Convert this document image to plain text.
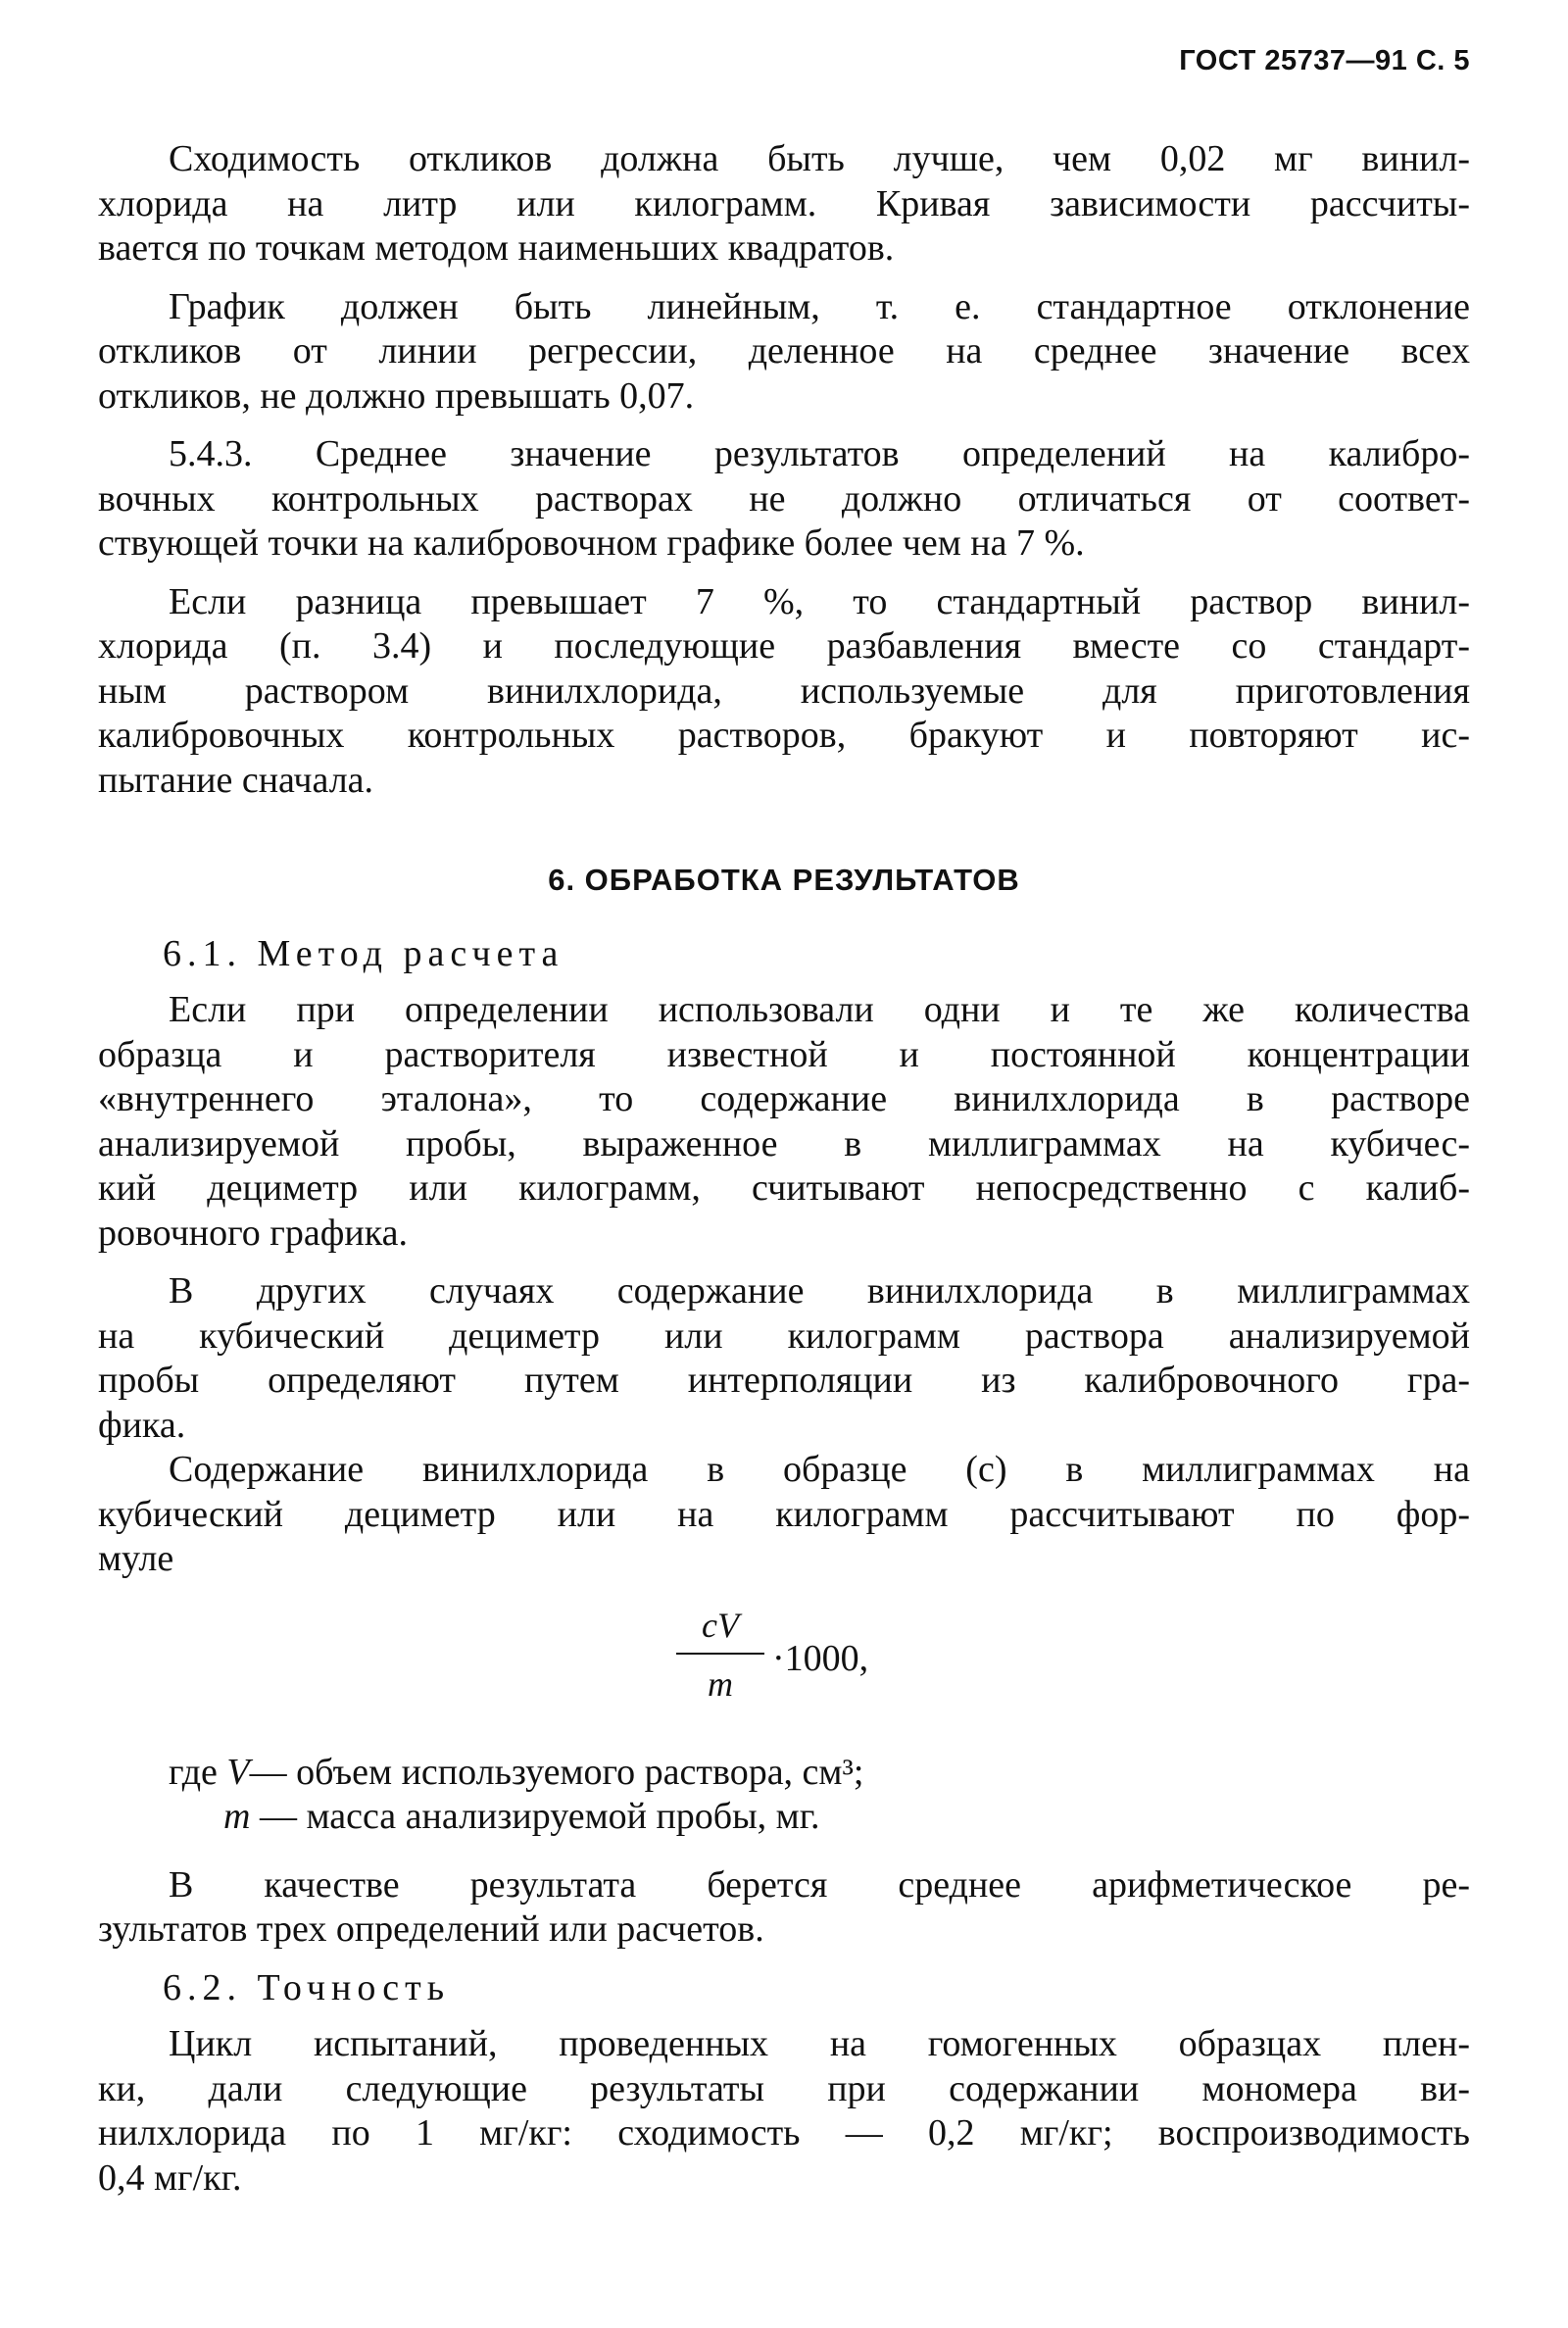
ГОСТ 25737—91 С. 5
Сходимость откликов должна быть лучше, чем 0,02 мг винил-
хлорида на литр или килограмм. Кривая зависимости рассчиты-
вается по точкам методом наименьших квадратов.
График должен быть линейным, т. е. стандартное отклонение
откликов от линии регрессии, деленное на среднее значение всех
откликов, не должно превышать 0,07.
5.4.3. Среднее значение результатов определений на калибро-
вочных контрольных растворах не должно отличаться от соответ-
ствующей точки на калибровочном графике более чем на 7 %.
Если разница превышает 7 %, то стандартный раствор винил-
хлорида (п. 3.4) и последующие разбавления вместе со стандарт-
ным раствором винилхлорида, используемые для приготовления
калибровочных контрольных растворов, бракуют и повторяют ис-
пытание сначала.
6. ОБРАБОТКА РЕЗУЛЬТАТОВ
6.1. Метод расчета
Если при определении использовали одни и те же количества
образца и растворителя известной и постоянной концентрации
«внутреннего эталона», то содержание винилхлорида в растворе
анализируемой пробы, выраженное в миллиграммах на кубичес-
кий дециметр или килограмм, считывают непосредственно с калиб-
ровочного графика.
В других случаях содержание винилхлорида в миллиграммах
на кубический дециметр или килограмм раствора анализируемой
пробы определяют путем интерполяции из калибровочного гра-
фика.
Содержание винилхлорида в образце (c) в миллиграммах на
кубический дециметр или на килограмм рассчитывают по фор-
муле
cV
m
·1000,
где V— объем используемого раствора, см³;
m — масса анализируемой пробы, мг.
В качестве результата берется среднее арифметическое ре-
зультатов трех определений или расчетов.
6.2. Точность
Цикл испытаний, проведенных на гомогенных образцах плен-
ки, дали следующие результаты при содержании мономера ви-
нилхлорида по 1 мг/кг: сходимость — 0,2 мг/кг; воспроизводимость
0,4 мг/кг.
